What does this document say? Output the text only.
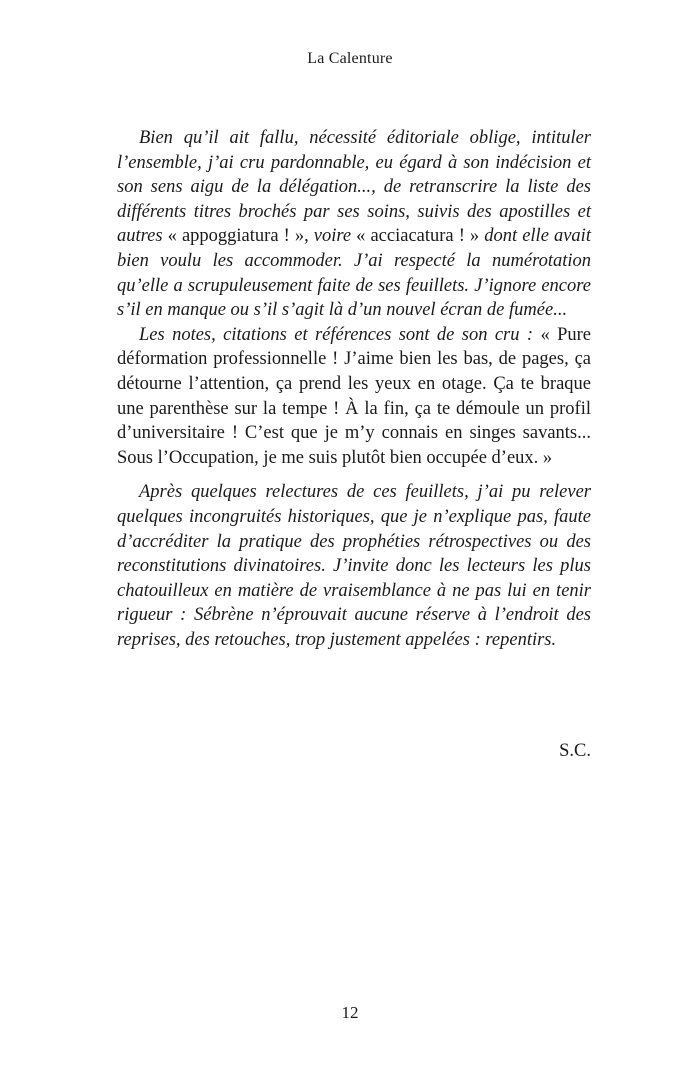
La Calenture

Bien qu’il ait fallu, nécessité éditoriale oblige, intituler l’ensemble, j’ai cru pardonnable, eu égard à son indécision et son sens aigu de la délégation..., de retranscrire la liste des différents titres brochés par ses soins, suivis des apostilles et autres « appoggiatura ! », voire « acciacatura ! » dont elle avait bien voulu les accommoder. J’ai respecté la numérotation qu’elle a scrupuleusement faite de ses feuillets. J’ignore encore s’il en manque ou s’il s’agit là d’un nouvel écran de fumée...

Les notes, citations et références sont de son cru : « Pure déformation professionnelle ! J’aime bien les bas, de pages, ça détourne l’attention, ça prend les yeux en otage. Ça te braque une parenthèse sur la tempe ! À la fin, ça te démoule un profil d’universitaire ! C’est que je m’y connais en singes savants... Sous l’Occupation, je me suis plutôt bien occupée d’eux. »

Après quelques relectures de ces feuillets, j’ai pu relever quelques incongruités historiques, que je n’explique pas, faute d’accréditer la pratique des prophéties rétrospectives ou des reconstitutions divinatoires. J’invite donc les lecteurs les plus chatouilleux en matière de vraisemblance à ne pas lui en tenir rigueur : Sébrène n’éprouvait aucune réserve à l’endroit des reprises, des retouches, trop justement appelées : repentirs.

S.C.
12
